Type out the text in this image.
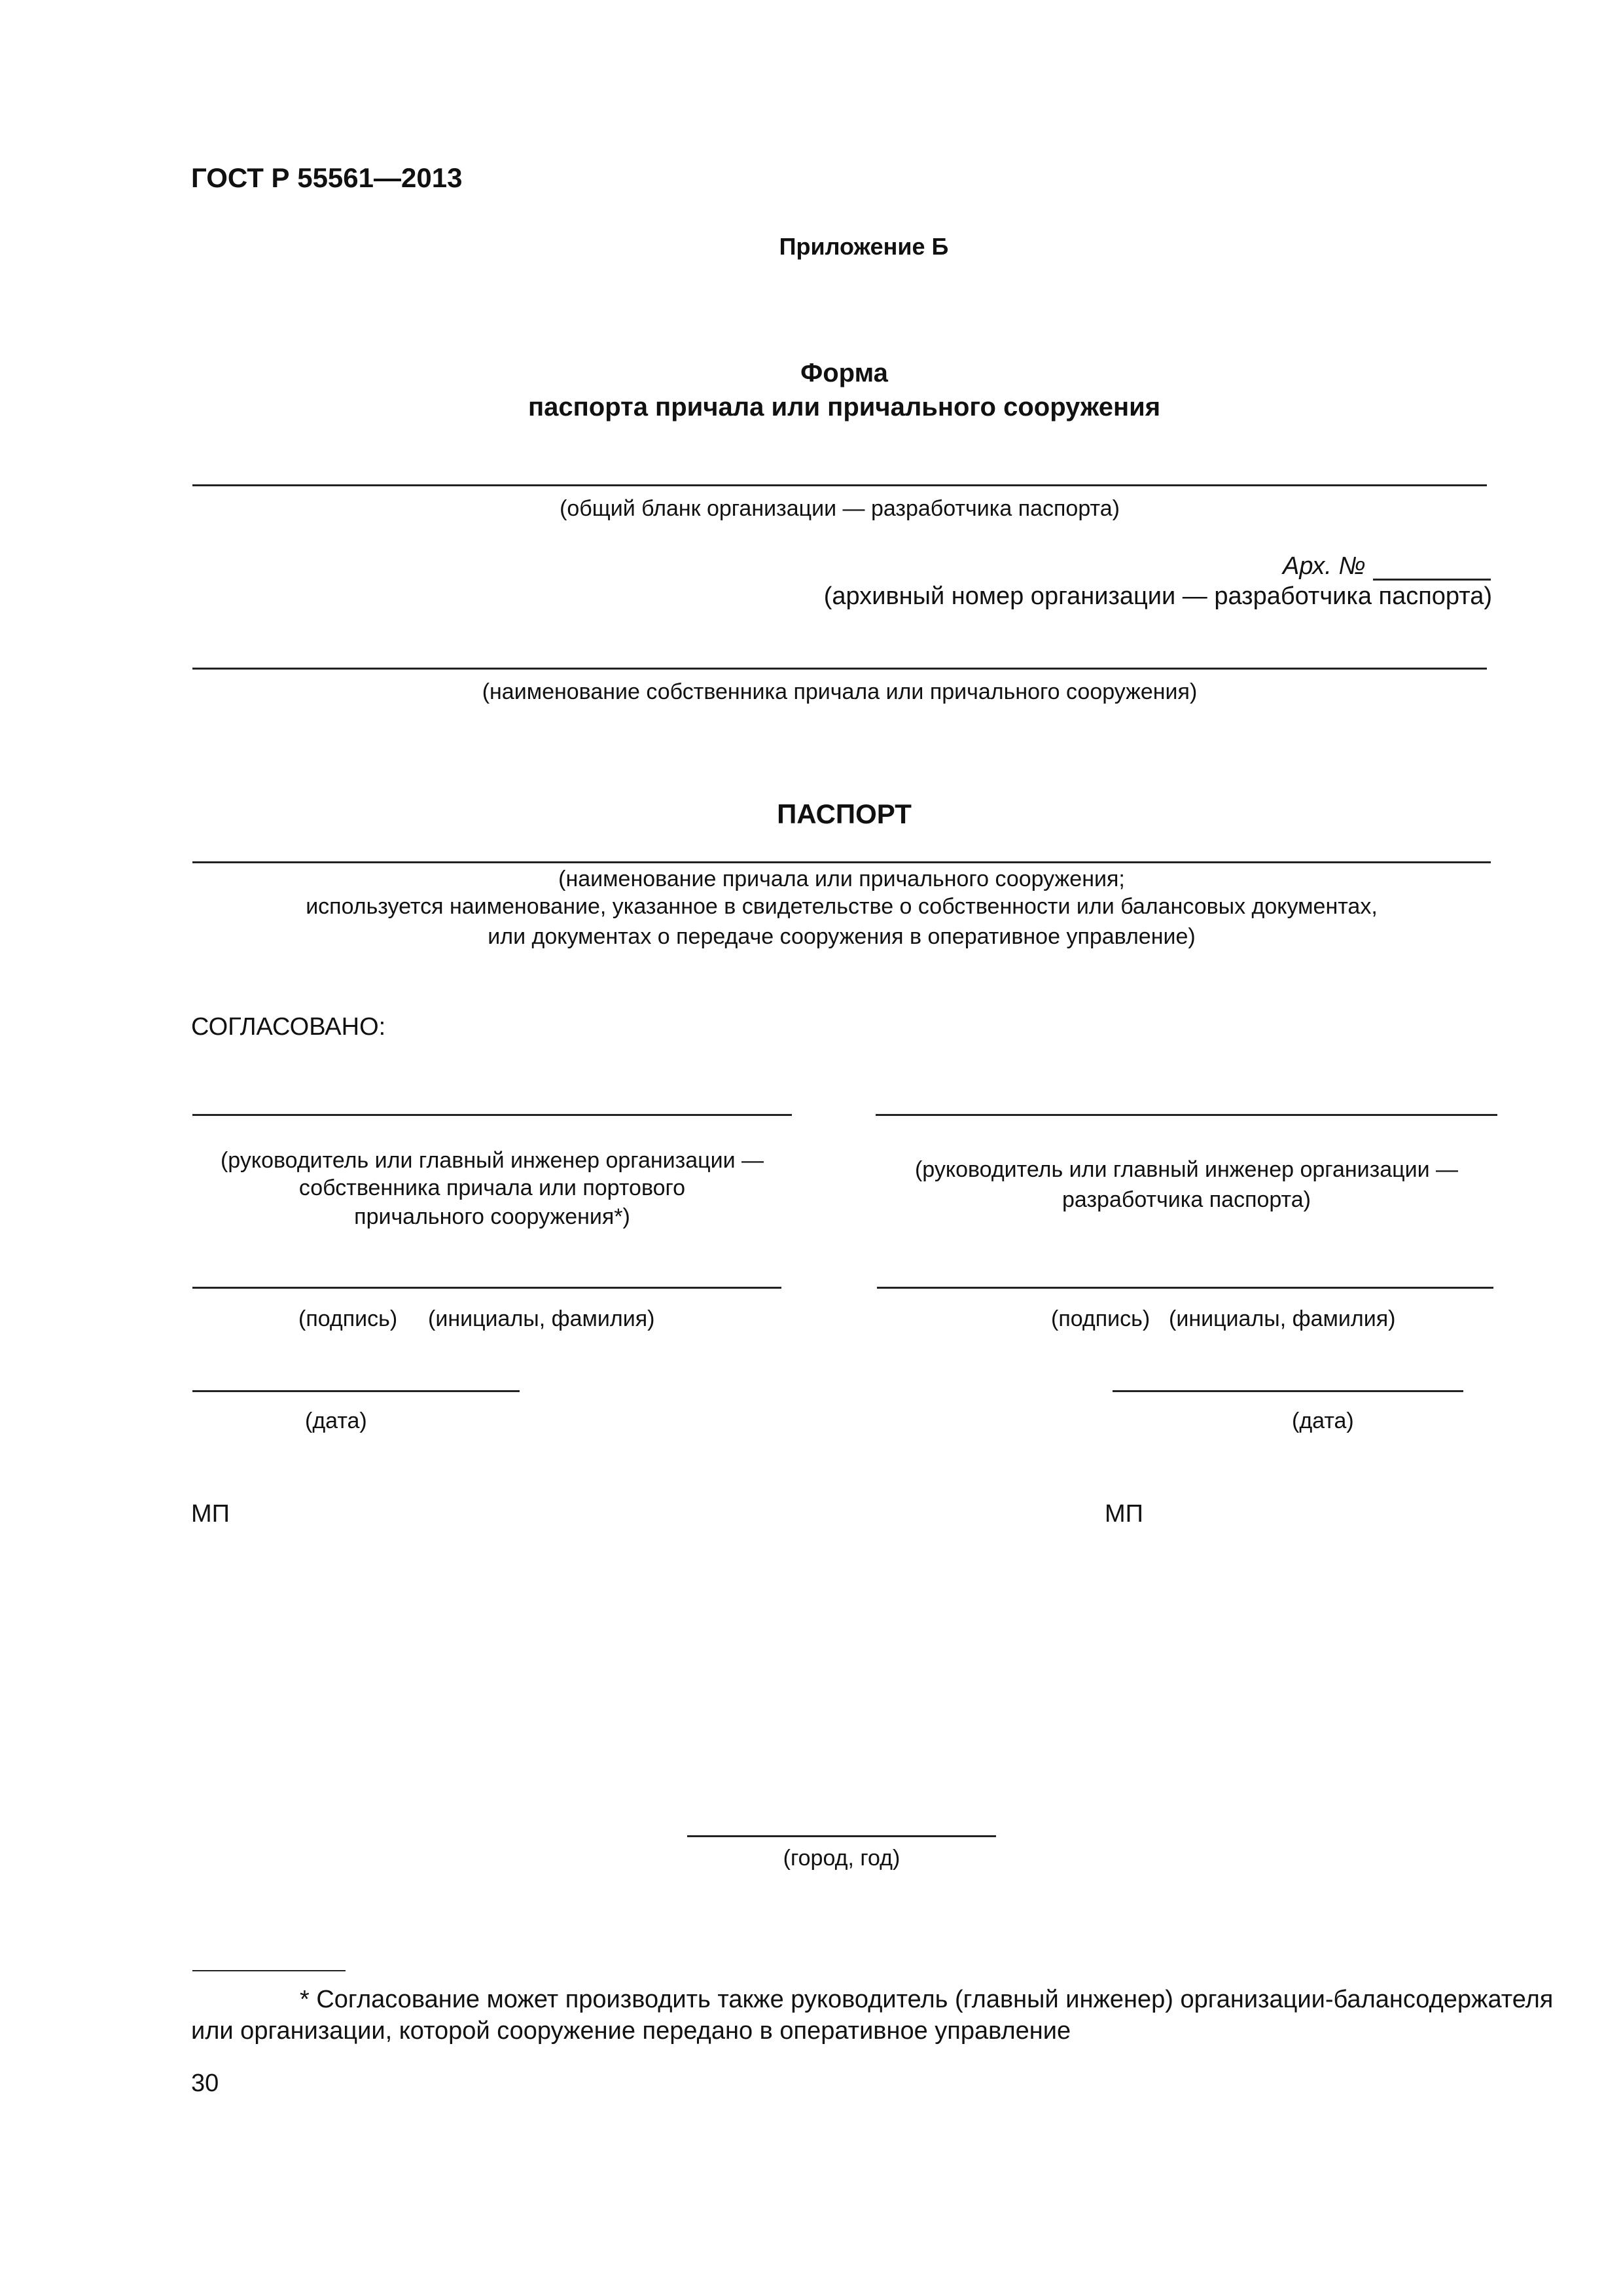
ГОСТ Р 55561—2013
Приложение Б
Форма
паспорта причала или причального сооружения
(общий бланк организации — разработчика паспорта)
Арх. №
(архивный номер организации — разработчика паспорта)
(наименование собственника причала или причального сооружения)
ПАСПОРТ
(наименование причала или причального сооружения;
используется наименование, указанное в свидетельстве о собственности или балансовых документах,
или документах о передаче сооружения в оперативное управление)
СОГЛАСОВАНО:
(руководитель или главный инженер организации —
собственника причала или портового
причального сооружения*)
(подпись) (инициалы, фамилия)
(дата)
МП
(руководитель или главный инженер организации —
разработчика паспорта)
(подпись) (инициалы, фамилия)
(дата)
МП
(город, год)
* Согласование может производить также руководитель (главный инженер) организации-балансодержателя
или организации, которой сооружение передано в оперативное управление
30
